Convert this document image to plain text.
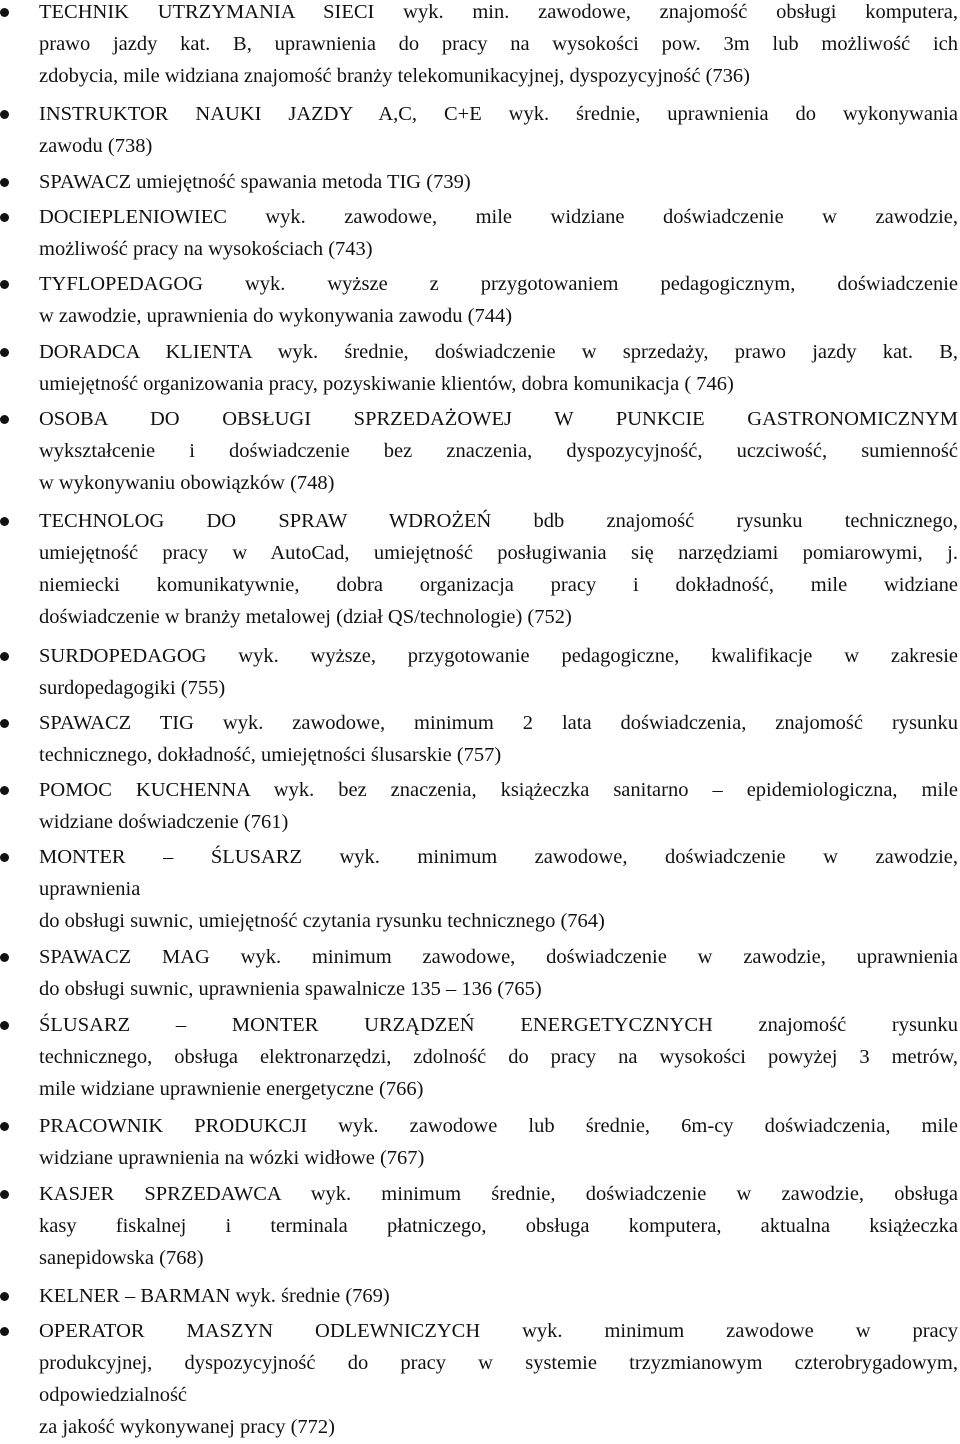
TECHNIK UTRZYMANIA SIECI wyk. min. zawodowe, znajomość obsługi komputera,
prawo jazdy kat. B, uprawnienia do pracy na wysokości pow. 3m lub możliwość ich
zdobycia, mile widziana znajomość branży telekomunikacyjnej, dyspozycyjność (736)
INSTRUKTOR NAUKI JAZDY A,C, C+E wyk. średnie, uprawnienia do wykonywania
zawodu (738)
SPAWACZ umiejętność spawania metoda TIG (739)
DOCIEPLENIOWIEC wyk. zawodowe, mile widziane doświadczenie w zawodzie,
możliwość pracy na wysokościach (743)
TYFLOPEDAGOG wyk. wyższe z przygotowaniem pedagogicznym, doświadczenie
w zawodzie, uprawnienia do wykonywania zawodu (744)
DORADCA KLIENTA wyk. średnie, doświadczenie w sprzedaży, prawo jazdy kat. B,
umiejętność organizowania pracy, pozyskiwanie klientów, dobra komunikacja ( 746)
OSOBA DO OBSŁUGI SPRZEDAŻOWEJ W PUNKCIE GASTRONOMICZNYM
wykształcenie i doświadczenie bez znaczenia, dyspozycyjność, uczciwość, sumienność
w wykonywaniu obowiązków (748)
TECHNOLOG DO SPRAW WDROŻEŃ bdb znajomość rysunku technicznego,
umiejętność pracy w AutoCad, umiejętność posługiwania się narzędziami pomiarowymi, j.
niemiecki komunikatywnie, dobra organizacja pracy i dokładność, mile widziane
doświadczenie w branży metalowej (dział QS/technologie) (752)
SURDOPEDAGOG wyk. wyższe, przygotowanie pedagogiczne, kwalifikacje w zakresie
surdopedagogiki (755)
SPAWACZ TIG wyk. zawodowe, minimum 2 lata doświadczenia, znajomość rysunku
technicznego, dokładność, umiejętności ślusarskie (757)
POMOC KUCHENNA wyk. bez znaczenia, książeczka sanitarno – epidemiologiczna, mile
widziane doświadczenie (761)
MONTER – ŚLUSARZ wyk. minimum zawodowe, doświadczenie w zawodzie,
uprawnienia
do obsługi suwnic, umiejętność czytania rysunku technicznego (764)
SPAWACZ MAG wyk. minimum zawodowe, doświadczenie w zawodzie, uprawnienia
do obsługi suwnic, uprawnienia spawalnicze 135 – 136 (765)
ŚLUSARZ – MONTER URZĄDZEŃ ENERGETYCZNYCH znajomość rysunku
technicznego, obsługa elektronarzędzi, zdolność do pracy na wysokości powyżej 3 metrów,
mile widziane uprawnienie energetyczne (766)
PRACOWNIK PRODUKCJI wyk. zawodowe lub średnie, 6m-cy doświadczenia, mile
widziane uprawnienia na wózki widłowe (767)
KASJER SPRZEDAWCA wyk. minimum średnie, doświadczenie w zawodzie, obsługa
kasy fiskalnej i terminala płatniczego, obsługa komputera, aktualna książeczka
sanepidowska (768)
KELNER – BARMAN wyk. średnie (769)
OPERATOR MASZYN ODLEWNICZYCH wyk. minimum zawodowe w pracy
produkcyjnej, dyspozycyjność do pracy w systemie trzyzmianowym czterobrygadowym,
odpowiedzialność
za jakość wykonywanej pracy (772)
